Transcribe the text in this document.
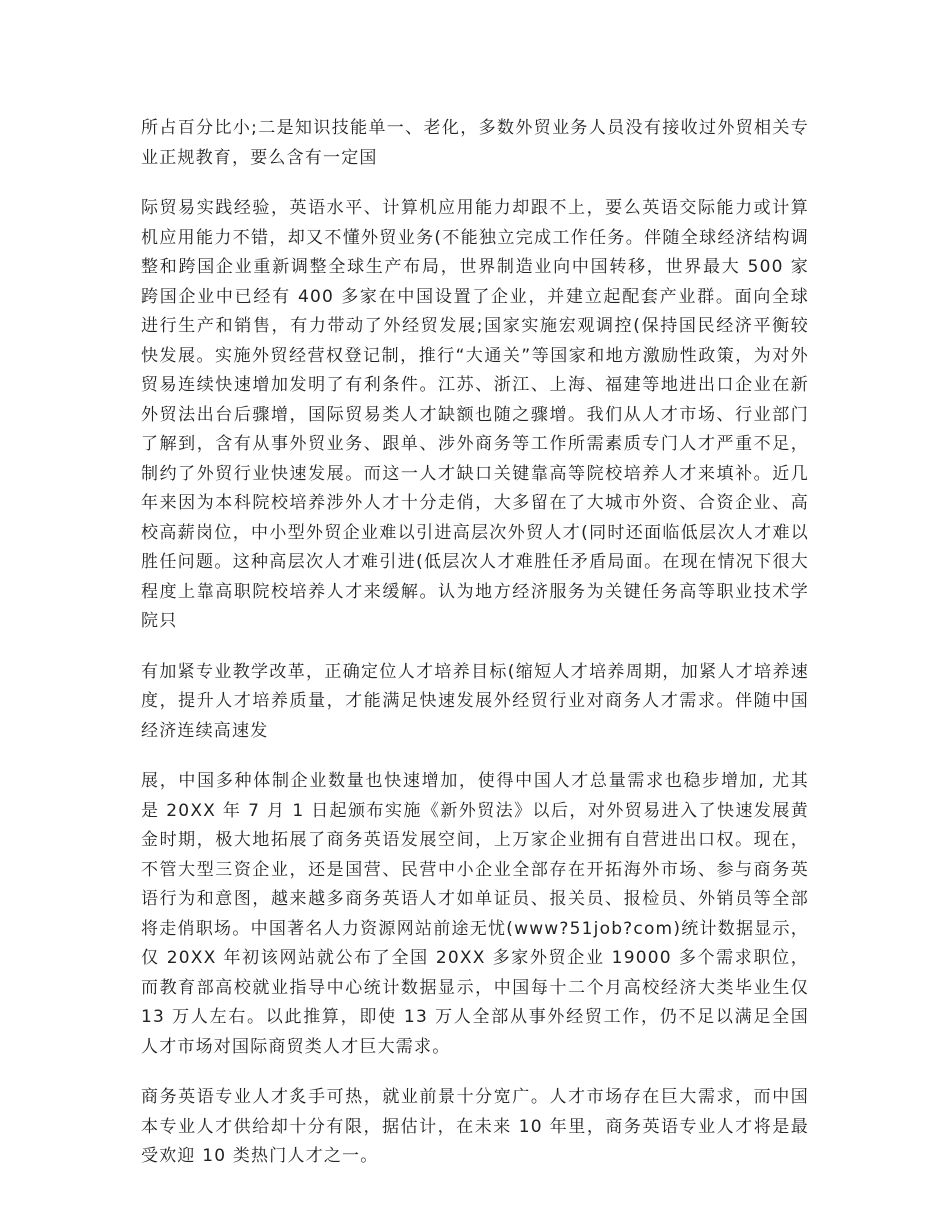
所占百分比小;二是知识技能单一、老化，多数外贸业务人员没有接收过外贸相关专业正规教育，要么含有一定国

际贸易实践经验，英语水平、计算机应用能力却跟不上，要么英语交际能力或计算机应用能力不错，却又不懂外贸业务(不能独立完成工作任务。伴随全球经济结构调整和跨国企业重新调整全球生产布局，世界制造业向中国转移，世界最大 500 家跨国企业中已经有 400 多家在中国设置了企业，并建立起配套产业群。面向全球进行生产和销售，有力带动了外经贸发展;国家实施宏观调控(保持国民经济平衡较快发展。实施外贸经营权登记制，推行“大通关”等国家和地方激励性政策，为对外贸易连续快速增加发明了有利条件。江苏、浙江、上海、福建等地进出口企业在新外贸法出台后骤增，国际贸易类人才缺额也随之骤增。我们从人才市场、行业部门了解到，含有从事外贸业务、跟单、涉外商务等工作所需素质专门人才严重不足，制约了外贸行业快速发展。而这一人才缺口关键靠高等院校培养人才来填补。近几年来因为本科院校培养涉外人才十分走俏，大多留在了大城市外资、合资企业、高校高薪岗位，中小型外贸企业难以引进高层次外贸人才(同时还面临低层次人才难以胜任问题。这种高层次人才难引进(低层次人才难胜任矛盾局面。在现在情况下很大程度上靠高职院校培养人才来缓解。认为地方经济服务为关键任务高等职业技术学院只

有加紧专业教学改革，正确定位人才培养目标(缩短人才培养周期，加紧人才培养速度，提升人才培养质量，才能满足快速发展外经贸行业对商务人才需求。伴随中国经济连续高速发

展，中国多种体制企业数量也快速增加，使得中国人才总量需求也稳步增加, 尤其是 20XX 年 7 月 1 日起颁布实施《新外贸法》以后，对外贸易进入了快速发展黄金时期，极大地拓展了商务英语发展空间，上万家企业拥有自营进出口权。现在，不管大型三资企业，还是国营、民营中小企业全部存在开拓海外市场、参与商务英语行为和意图，越来越多商务英语人才如单证员、报关员、报检员、外销员等全部将走俏职场。中国著名人力资源网站前途无忧(www?51job?com)统计数据显示，仅 20XX 年初该网站就公布了全国 20XX 多家外贸企业 19000 多个需求职位，而教育部高校就业指导中心统计数据显示，中国每十二个月高校经济大类毕业生仅 13 万人左右。以此推算，即使 13 万人全部从事外经贸工作，仍不足以满足全国人才市场对国际商贸类人才巨大需求。

商务英语专业人才炙手可热，就业前景十分宽广。人才市场存在巨大需求，而中国本专业人才供给却十分有限，据估计，在未来 10 年里，商务英语专业人才将是最受欢迎 10 类热门人才之一。
